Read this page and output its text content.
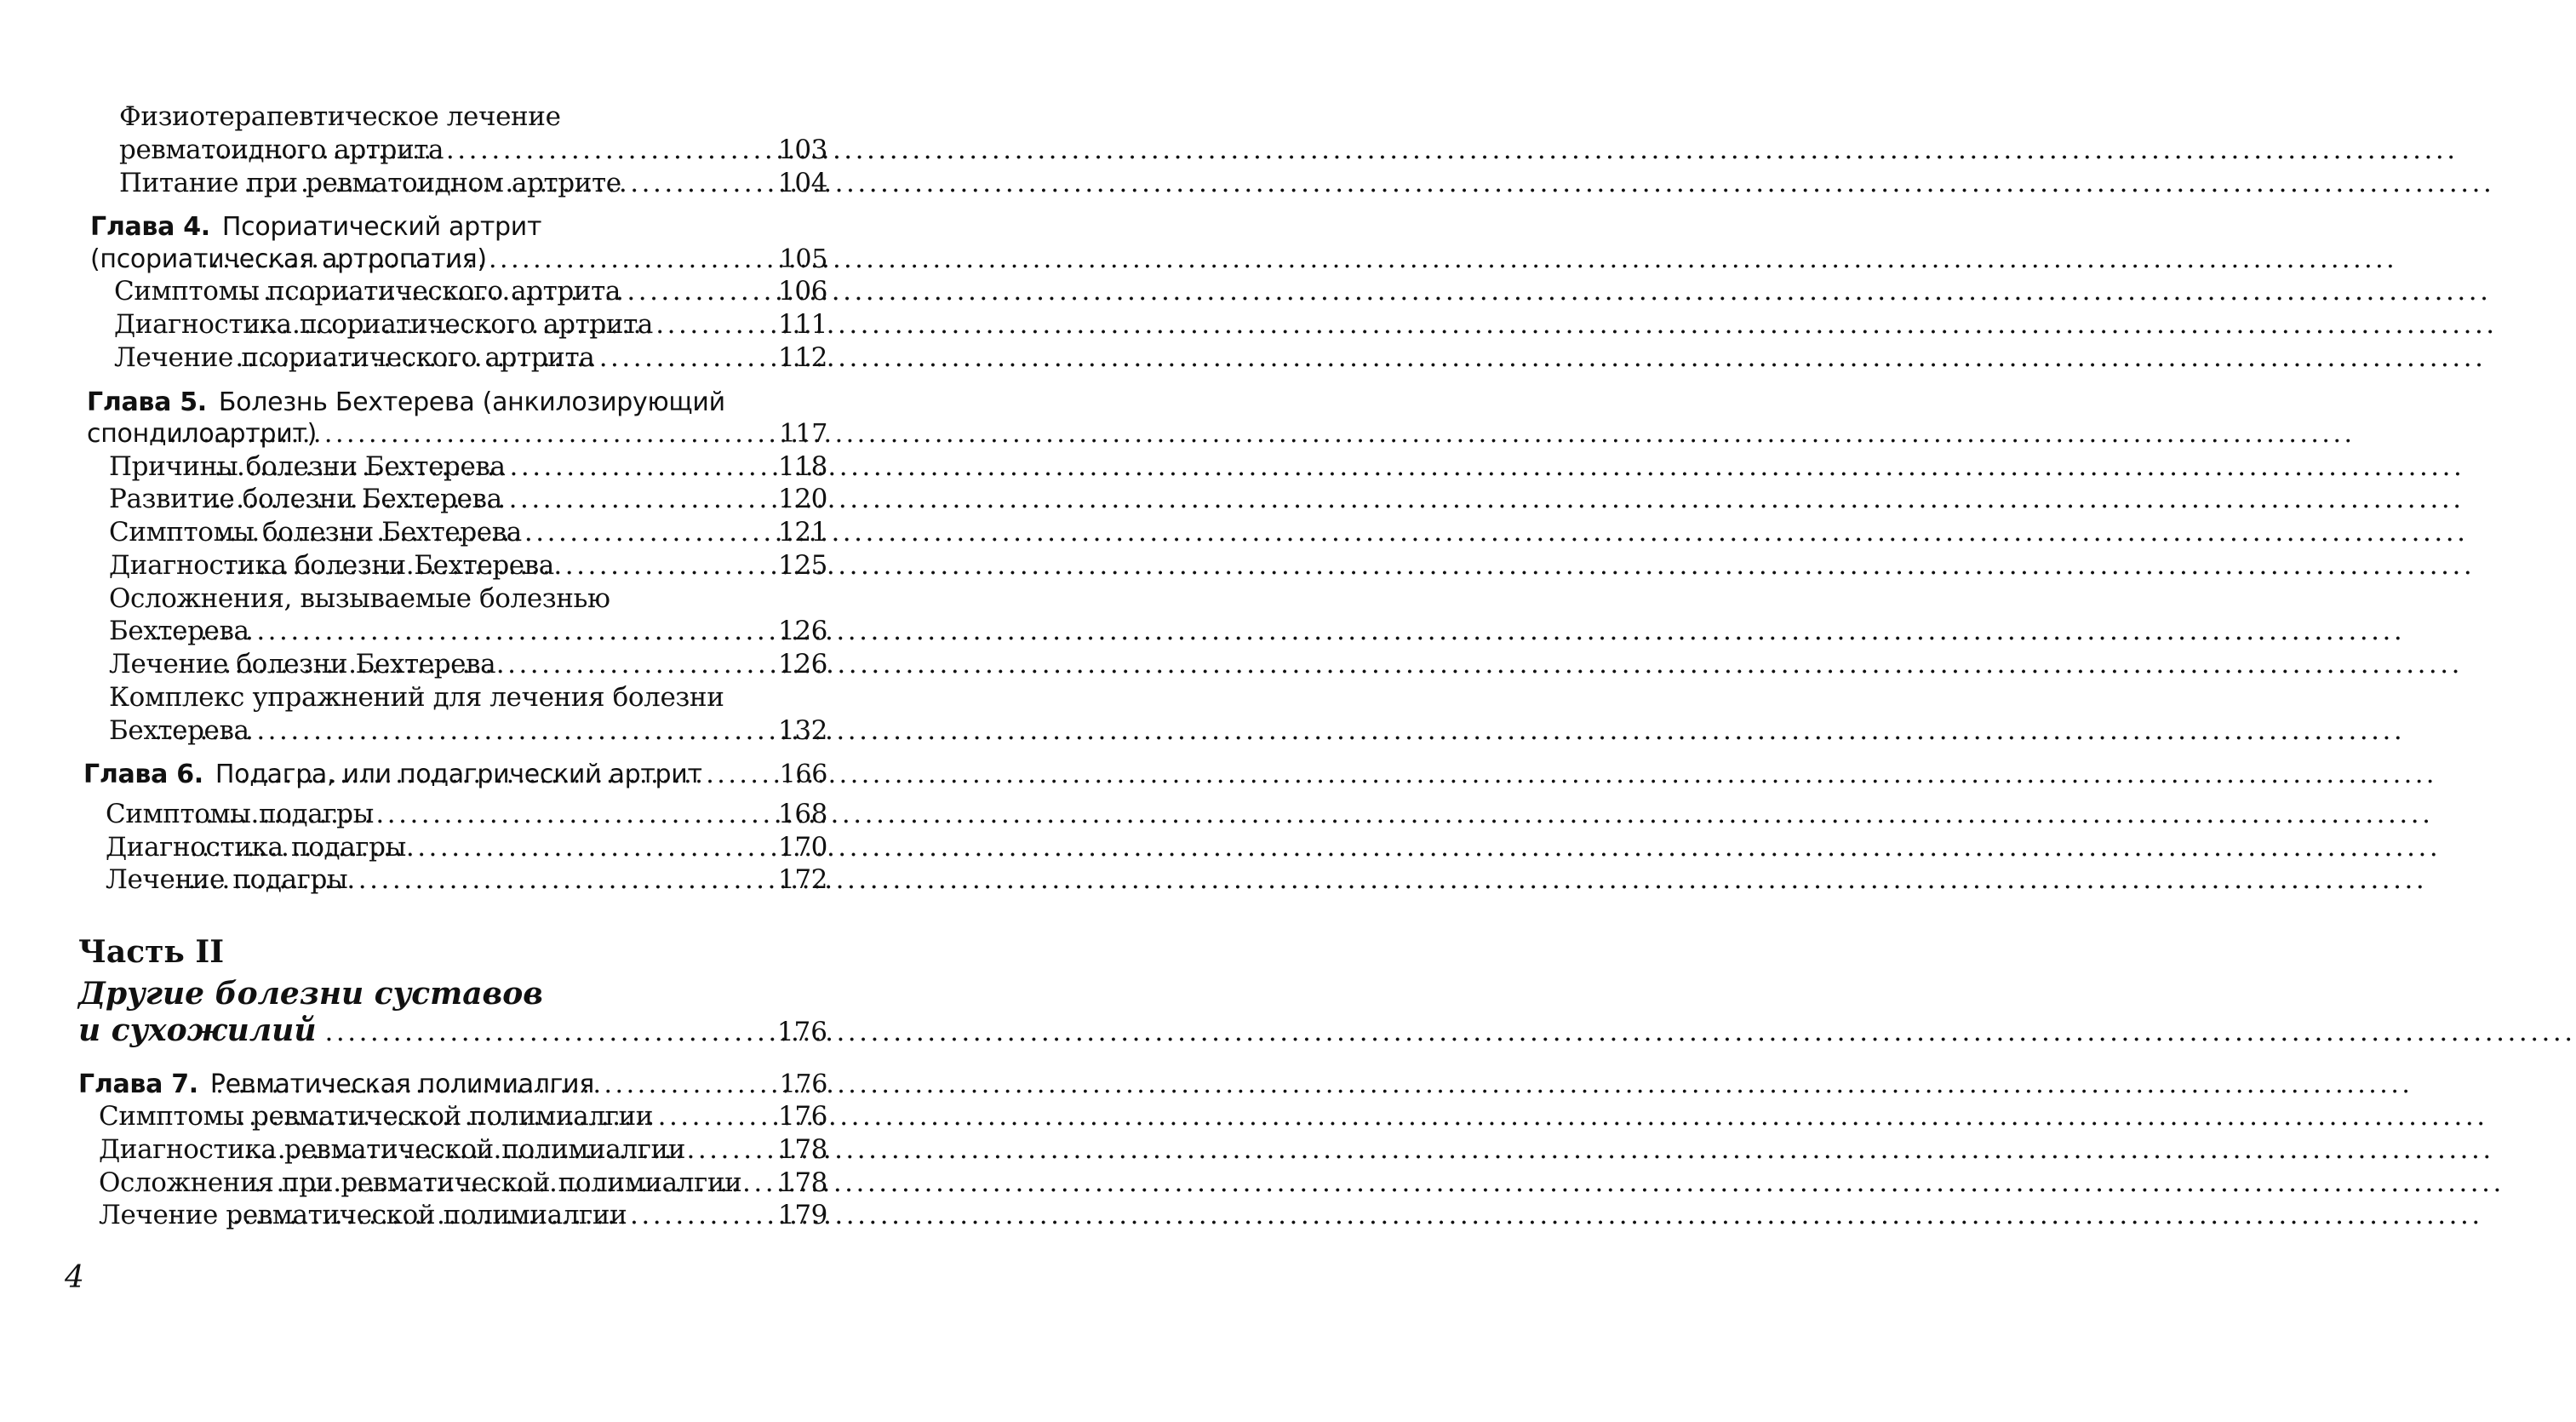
Физиотерапевтическое лечение
ревматоидного артрита .....	103
Питание при ревматоидном артрите .....	104
Глава 4. Псориатический артрит
(псориатическая артропатия) .....	105
Симптомы псориатического артрита .....	106
Диагностика псориатического артрита .....	111
Лечение псориатического артрита .....	112
Глава 5. Болезнь Бехтерева (анкилозирующий
спондилоартрит) .....	117
Причины болезни Бехтерева .....	118
Развитие болезни Бехтерева .....	120
Симптомы болезни Бехтерева .....	121
Диагностика болезни Бехтерева .....	125
Осложнения, вызываемые болезнью
Бехтерева .....	126
Лечение болезни Бехтерева .....	126
Комплекс упражнений для лечения болезни
Бехтерева .....	132
Глава 6. Подагра, или подагрический артрит .....	166
Симптомы подагры .....	168
Диагностика подагры .....	170
Лечение подагры .....	172
Часть II
Другие болезни суставов
и сухожилий .....	176
Глава 7. Ревматическая полимиалгия .....	176
Симптомы ревматической полимиалгии .....	176
Диагностика ревматической полимиалгии .....	178
Осложнения при ревматической полимиалгии ..... 178
Лечение ревматической полимиалгии .....	179
4
